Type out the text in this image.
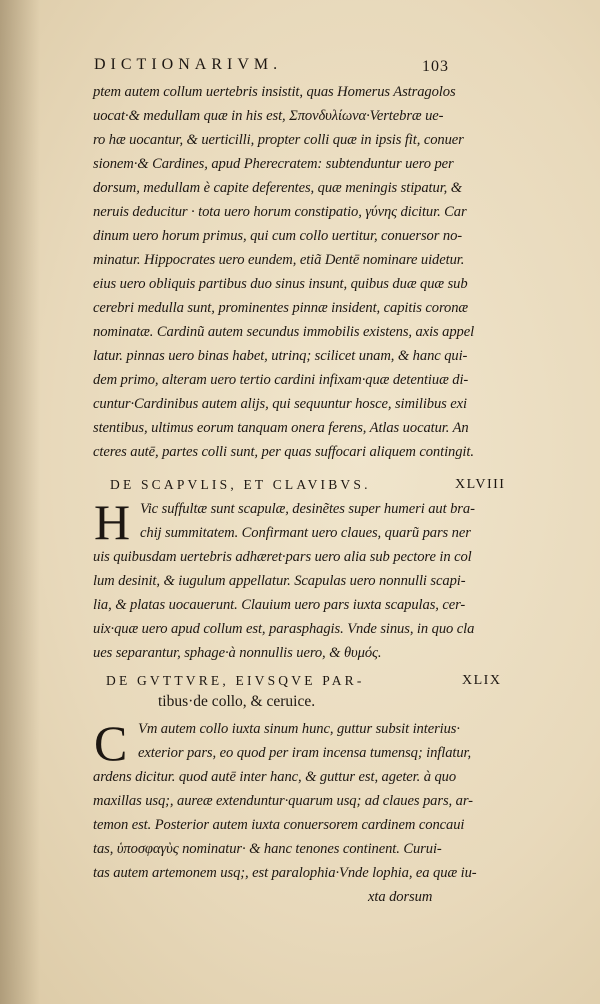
DICTIONARIVM.	103
ptem autem collum uertebris insistit, quas Homerus Astragolos
uocat·& medullam quæ in his est, Σπονδυλίωνα·Vertebræ ue-
ro hæ uocantur, & uerticilli, propter colli quæ in ipsis fit, conuer
sionem·& Cardines, apud Pherecratem: subtenduntur uero per
dorsum, medullam è capite deferentes, quæ meningis stipatur, &
neruis deducitur · tota uero horum constipatio, γύνης dicitur. Car
dinum uero horum primus, qui cum collo uertitur, conuersor no-
minatur. Hippocrates uero eundem, etiã Dentē nominare uidetur.
eius uero obliquis partibus duo sinus insunt, quibus duæ quæ sub
cerebri medulla sunt, prominentes pinnæ insident, capitis coronæ
nominatæ. Cardinũ autem secundus immobilis existens, axis appel
latur. pinnas uero binas habet, utrinq; scilicet unam, & hanc qui-
dem primo, alteram uero tertio cardini infixam·quæ detentiuæ di-
cuntur·Cardinibus autem alijs, qui sequuntur hosce, similibus exi
stentibus, ultimus eorum tanquam onera ferens, Atlas uocatur. An
cteres autē, partes colli sunt, per quas suffocari aliquem contingit.
DE SCAPVLIS, ET CLAVIBVS.	XLVIII
H Vic suffultæ sunt scapulæ, desinẽtes super humeri aut bra-
chij summitatem. Confirmant uero claues, quarũ pars ner
uis quibusdam uertebris adhæret·pars uero alia sub pectore in col
lum desinit, & iugulum appellatur. Scapulas uero nonnulli scapi-
lia, & platas uocauerunt. Clauium uero pars iuxta scapulas, cer-
uix·quæ uero apud collum est, parasphagis. Vnde sinus, in quo cla
ues separantur, sphage·à nonnullis uero, & θυμός.
DE GVTTVRE, EIVSQVE PAR-	XLIX
tibus·de collo, & ceruice.
C Vm autem collo iuxta sinum hunc, guttur subsit interius·
exterior pars, eo quod per iram incensa tumensq; inflatur,
ardens dicitur. quod autē inter hanc, & guttur est, ageter. à quo
maxillas usq;, aureæ extenduntur·quarum usq; ad claues pars, ar-
temon est. Posterior autem iuxta conuersorem cardinem concaui
tas, ὑποσφαγὺς nominatur· & hanc tenones continent. Curui-
tas autem artemonem usq;, est paralophia·Vnde lophia, ea quæ iu-
xta dorsum
